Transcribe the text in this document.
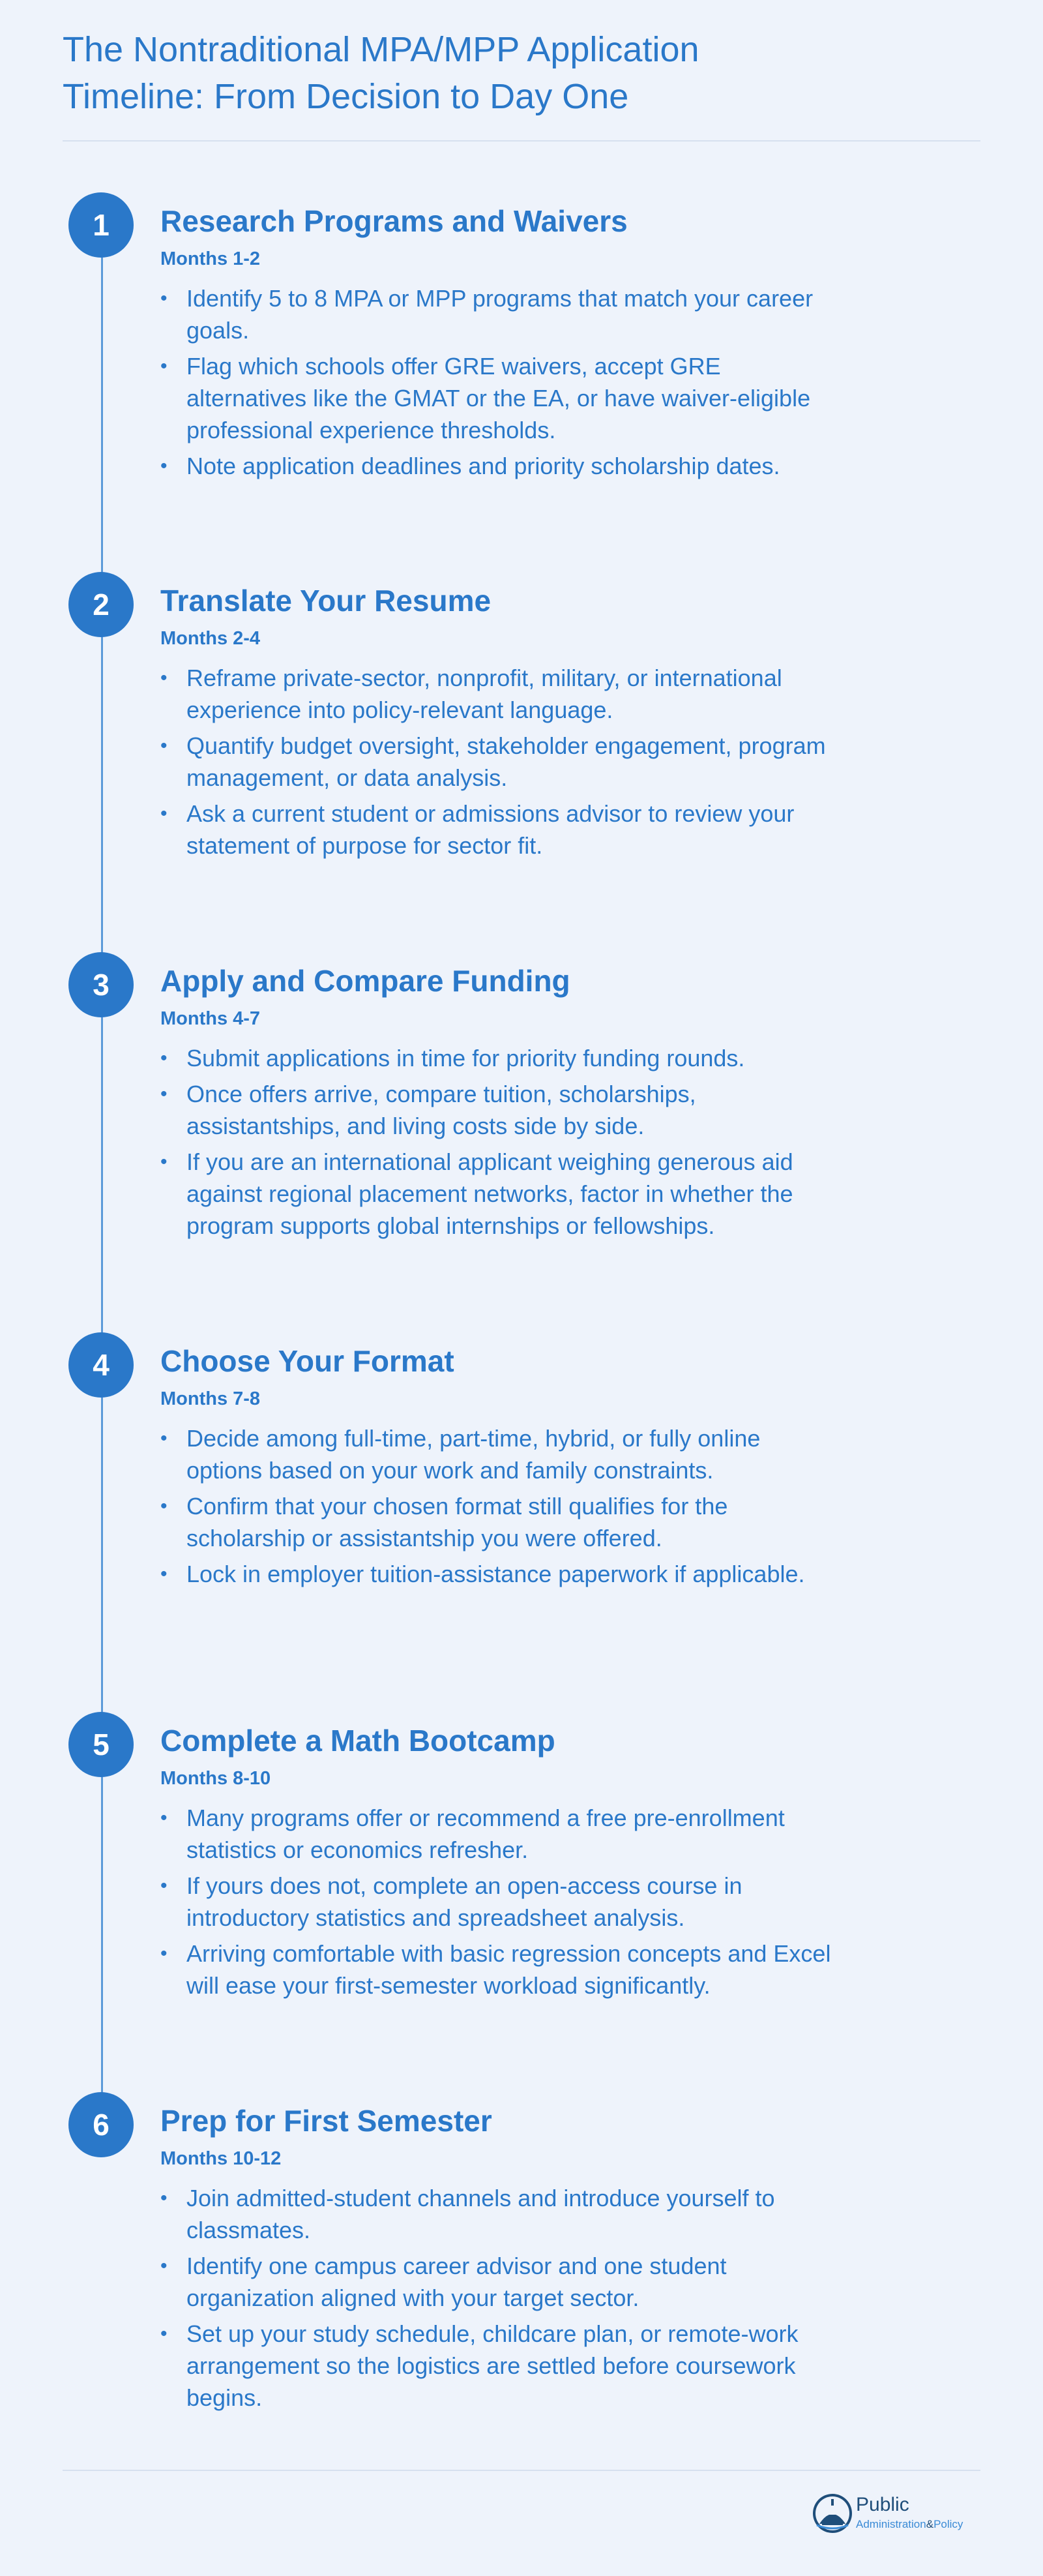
The Nontraditional MPA/MPP Application
Timeline: From Decision to Day One
1	Research Programs and Waivers
Months 1-2
• Identify 5 to 8 MPA or MPP programs that match your career goals.
• Flag which schools offer GRE waivers, accept GRE alternatives like the GMAT or the EA, or have waiver-eligible professional experience thresholds.
• Note application deadlines and priority scholarship dates.
2	Translate Your Resume
Months 2-4
• Reframe private-sector, nonprofit, military, or international experience into policy-relevant language.
• Quantify budget oversight, stakeholder engagement, program management, or data analysis.
• Ask a current student or admissions advisor to review your statement of purpose for sector fit.
3	Apply and Compare Funding
Months 4-7
• Submit applications in time for priority funding rounds.
• Once offers arrive, compare tuition, scholarships, assistantships, and living costs side by side.
• If you are an international applicant weighing generous aid against regional placement networks, factor in whether the program supports global internships or fellowships.
4	Choose Your Format
Months 7-8
• Decide among full-time, part-time, hybrid, or fully online options based on your work and family constraints.
• Confirm that your chosen format still qualifies for the scholarship or assistantship you were offered.
• Lock in employer tuition-assistance paperwork if applicable.
5	Complete a Math Bootcamp
Months 8-10
• Many programs offer or recommend a free pre-enrollment statistics or economics refresher.
• If yours does not, complete an open-access course in introductory statistics and spreadsheet analysis.
• Arriving comfortable with basic regression concepts and Excel will ease your first-semester workload significantly.
6	Prep for First Semester
Months 10-12
• Join admitted-student channels and introduce yourself to classmates.
• Identify one campus career advisor and one student organization aligned with your target sector.
• Set up your study schedule, childcare plan, or remote-work arrangement so the logistics are settled before coursework begins.
Public
Administration&Policy
